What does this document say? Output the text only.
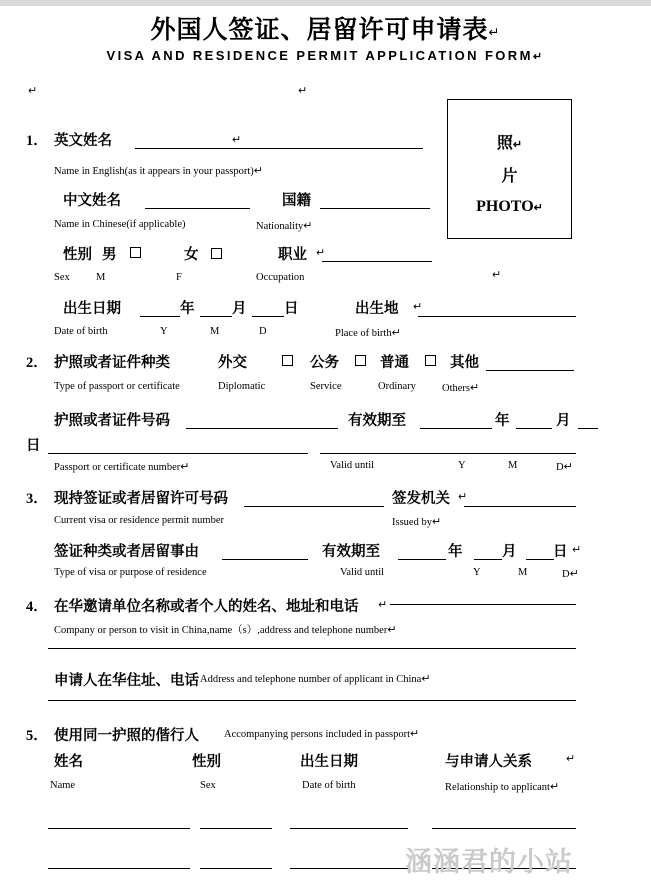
外国人签证、居留许可申请表↵
VISA AND RESIDENCE PERMIT APPLICATION FORM↵
↵	↵
照↵
片
PHOTO↵
1． 英文姓名	↵
Name in English(as it appears in your passport)↵
中文姓名	国籍
Name in Chinese(if applicable)	Nationality↵
性别 男	女	职业 ↵
Sex	M	F	Occupation	↵
出生日期	年	月	日	出生地 ↵
Date of birth	Y	M	D	Place of birth↵
2． 护照或者证件种类	外交	公务	普通	其他
Type of passport or certificate	Diplomatic	Service	Ordinary Others↵
护照或者证件号码	有效期至	年	月
日
Passport or certificate number↵	Valid until	Y	M	D↵
3． 现持签证或者居留许可号码	签发机关 ↵
Current visa or residence permit number	Issued by↵
签证种类或者居留事由	有效期至	年	月	日 ↵
Type of visa or purpose of residence	Valid until	Y	M	D↵
4． 在华邀请单位名称或者个人的姓名、地址和电话 ↵
Company or person to visit in China,name（s）,address and telephone number↵
申请人在华住址、电话 Address and telephone number of applicant in China↵
5． 使用同一护照的偕行人 Accompanying persons included in passport↵
姓名	性别	出生日期	与申请人关系	↵
Name	Sex	Date of birth	Relationship to applicant↵
涵涵君的小站
